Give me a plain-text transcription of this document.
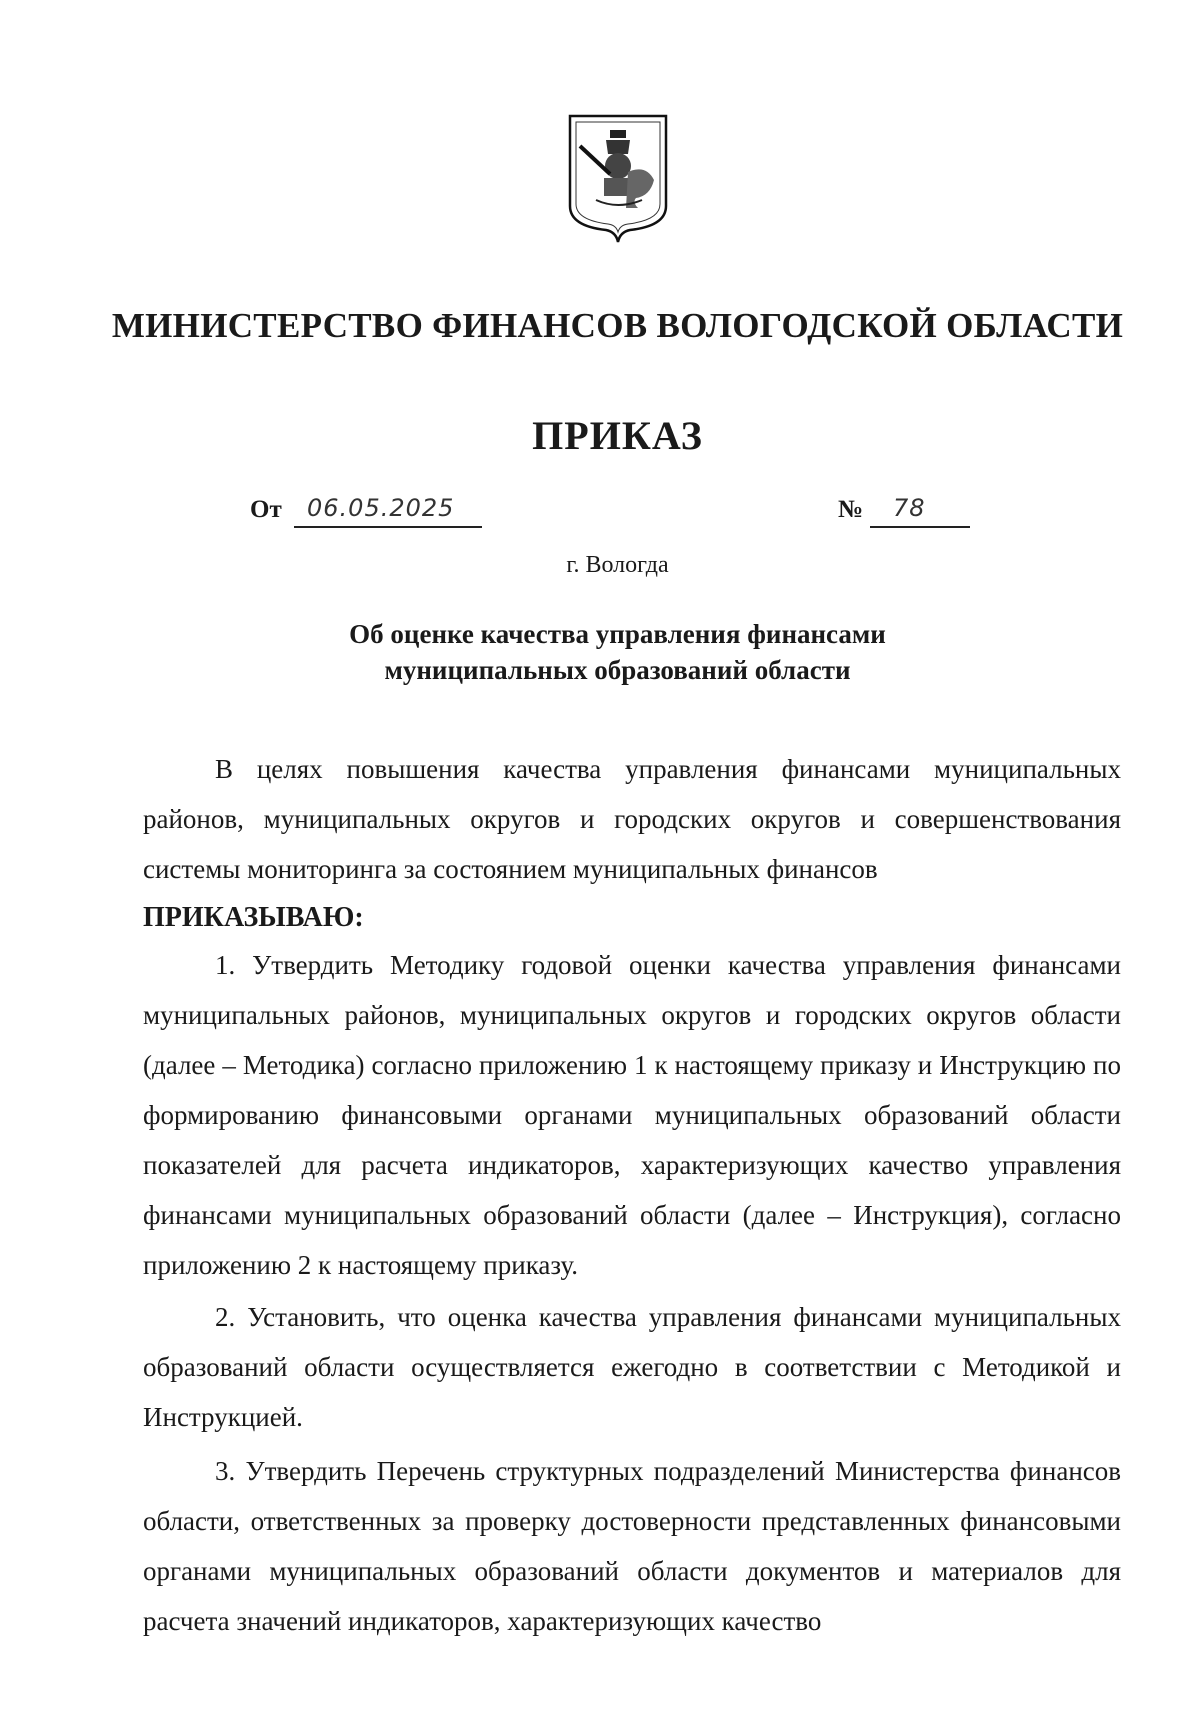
МИНИСТЕРСТВО ФИНАНСОВ ВОЛОГОДСКОЙ ОБЛАСТИ
ПРИКАЗ
От 06.05.2025	№ 78
г. Вологда
Об оценке качества управления финансами
муниципальных образований области

В целях повышения качества управления финансами муниципальных районов, муниципальных округов и городских округов и совершенствования системы мониторинга за состоянием муниципальных финансов

ПРИКАЗЫВАЮ:

1. Утвердить Методику годовой оценки качества управления финансами муниципальных районов, муниципальных округов и городских округов области (далее – Методика) согласно приложению 1 к настоящему приказу и Инструкцию по формированию финансовыми органами муниципальных образований области показателей для расчета индикаторов, характеризующих качество управления финансами муниципальных образований области (далее – Инструкция), согласно приложению 2 к настоящему приказу.

2. Установить, что оценка качества управления финансами муниципальных образований области осуществляется ежегодно в соответствии с Методикой и Инструкцией.

3. Утвердить Перечень структурных подразделений Министерства финансов области, ответственных за проверку достоверности представленных финансовыми органами муниципальных образований области документов и материалов для расчета значений индикаторов, характеризующих качество
